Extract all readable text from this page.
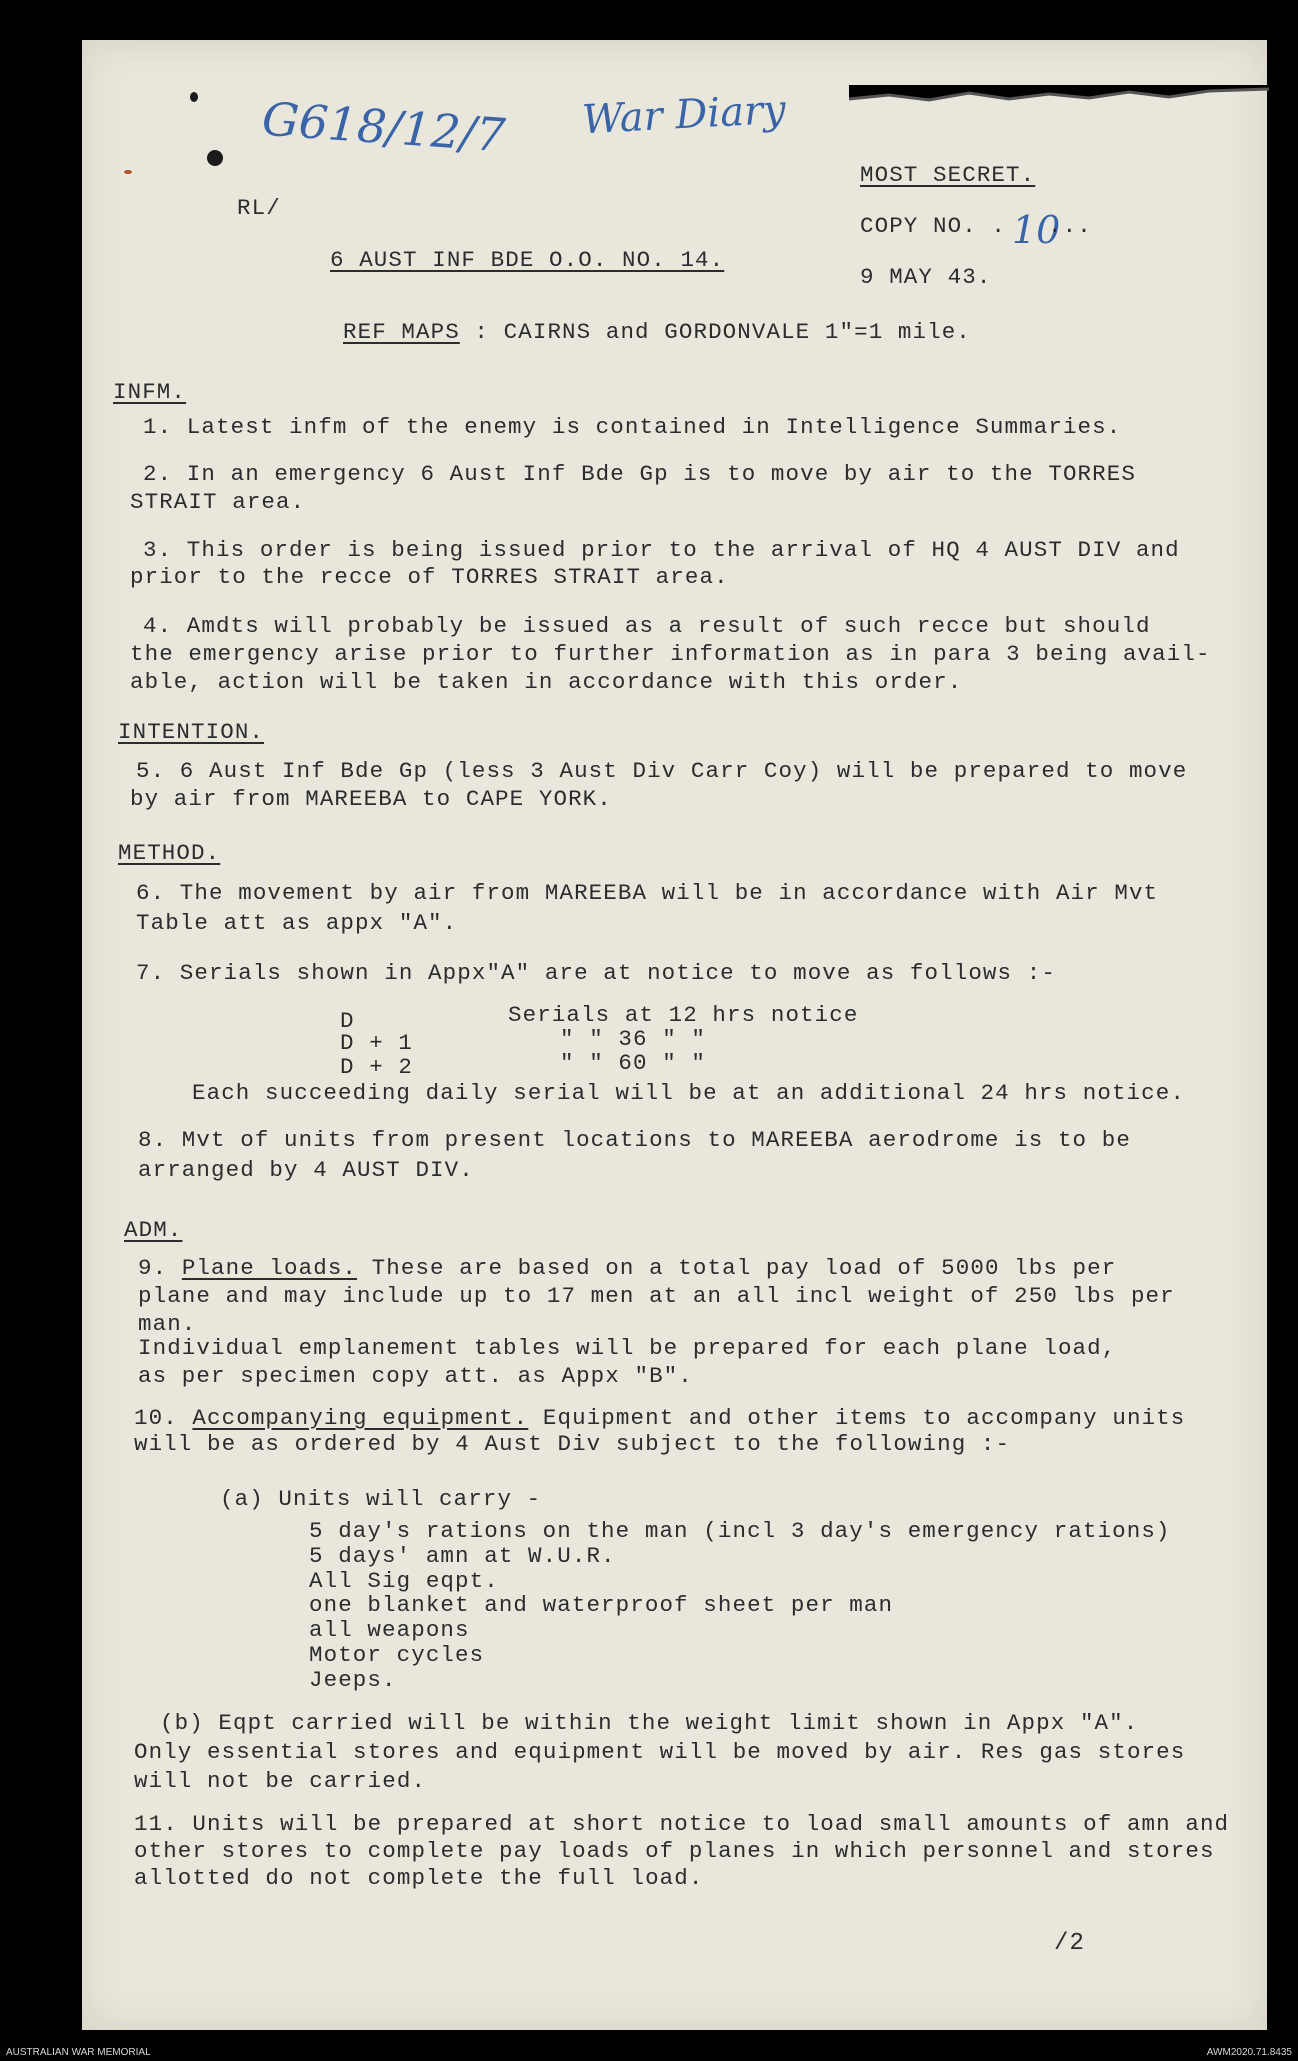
G618/12/7 War Diary
10
RL/
MOST SECRET.
COPY NO. . ...
6 AUST INF BDE O.O. NO. 14.
9 MAY 43.
REF MAPS : CAIRNS and GORDONVALE 1"=1 mile.
INFM.
1. Latest infm of the enemy is contained in Intelligence Summaries.
2. In an emergency 6 Aust Inf Bde Gp is to move by air to the TORRES
STRAIT area.
3. This order is being issued prior to the arrival of HQ 4 AUST DIV and
prior to the recce of TORRES STRAIT area.
4. Amdts will probably be issued as a result of such recce but should
the emergency arise prior to further information as in para 3 being avail-
able, action will be taken in accordance with this order.
INTENTION.
5. 6 Aust Inf Bde Gp (less 3 Aust Div Carr Coy) will be prepared to move
by air from MAREEBA to CAPE YORK.
METHOD.
6. The movement by air from MAREEBA will be in accordance with Air Mvt
Table att as appx "A".
7. Serials shown in Appx"A" are at notice to move as follows :-
D	Serials at 12 hrs notice
D + 1	" " 36 " "
D + 2	" " 60 " "
Each succeeding daily serial will be at an additional 24 hrs notice.
8. Mvt of units from present locations to MAREEBA aerodrome is to be
arranged by 4 AUST DIV.
ADM.
9. Plane loads. These are based on a total pay load of 5000 lbs per
plane and may include up to 17 men at an all incl weight of 250 lbs per
man.
Individual emplanement tables will be prepared for each plane load,
as per specimen copy att. as Appx "B".
10. Accompanying equipment. Equipment and other items to accompany units
will be as ordered by 4 Aust Div subject to the following :-
(a) Units will carry -
5 day's rations on the man (incl 3 day's emergency rations)
5 days' amn at W.U.R.
All Sig eqpt.
one blanket and waterproof sheet per man
all weapons
Motor cycles
Jeeps.
(b) Eqpt carried will be within the weight limit shown in Appx "A".
Only essential stores and equipment will be moved by air. Res gas stores
will not be carried.
11. Units will be prepared at short notice to load small amounts of amn and
other stores to complete pay loads of planes in which personnel and stores
allotted do not complete the full load.
/2
AUSTRALIAN WAR MEMORIAL	AWM2020.71.8435
